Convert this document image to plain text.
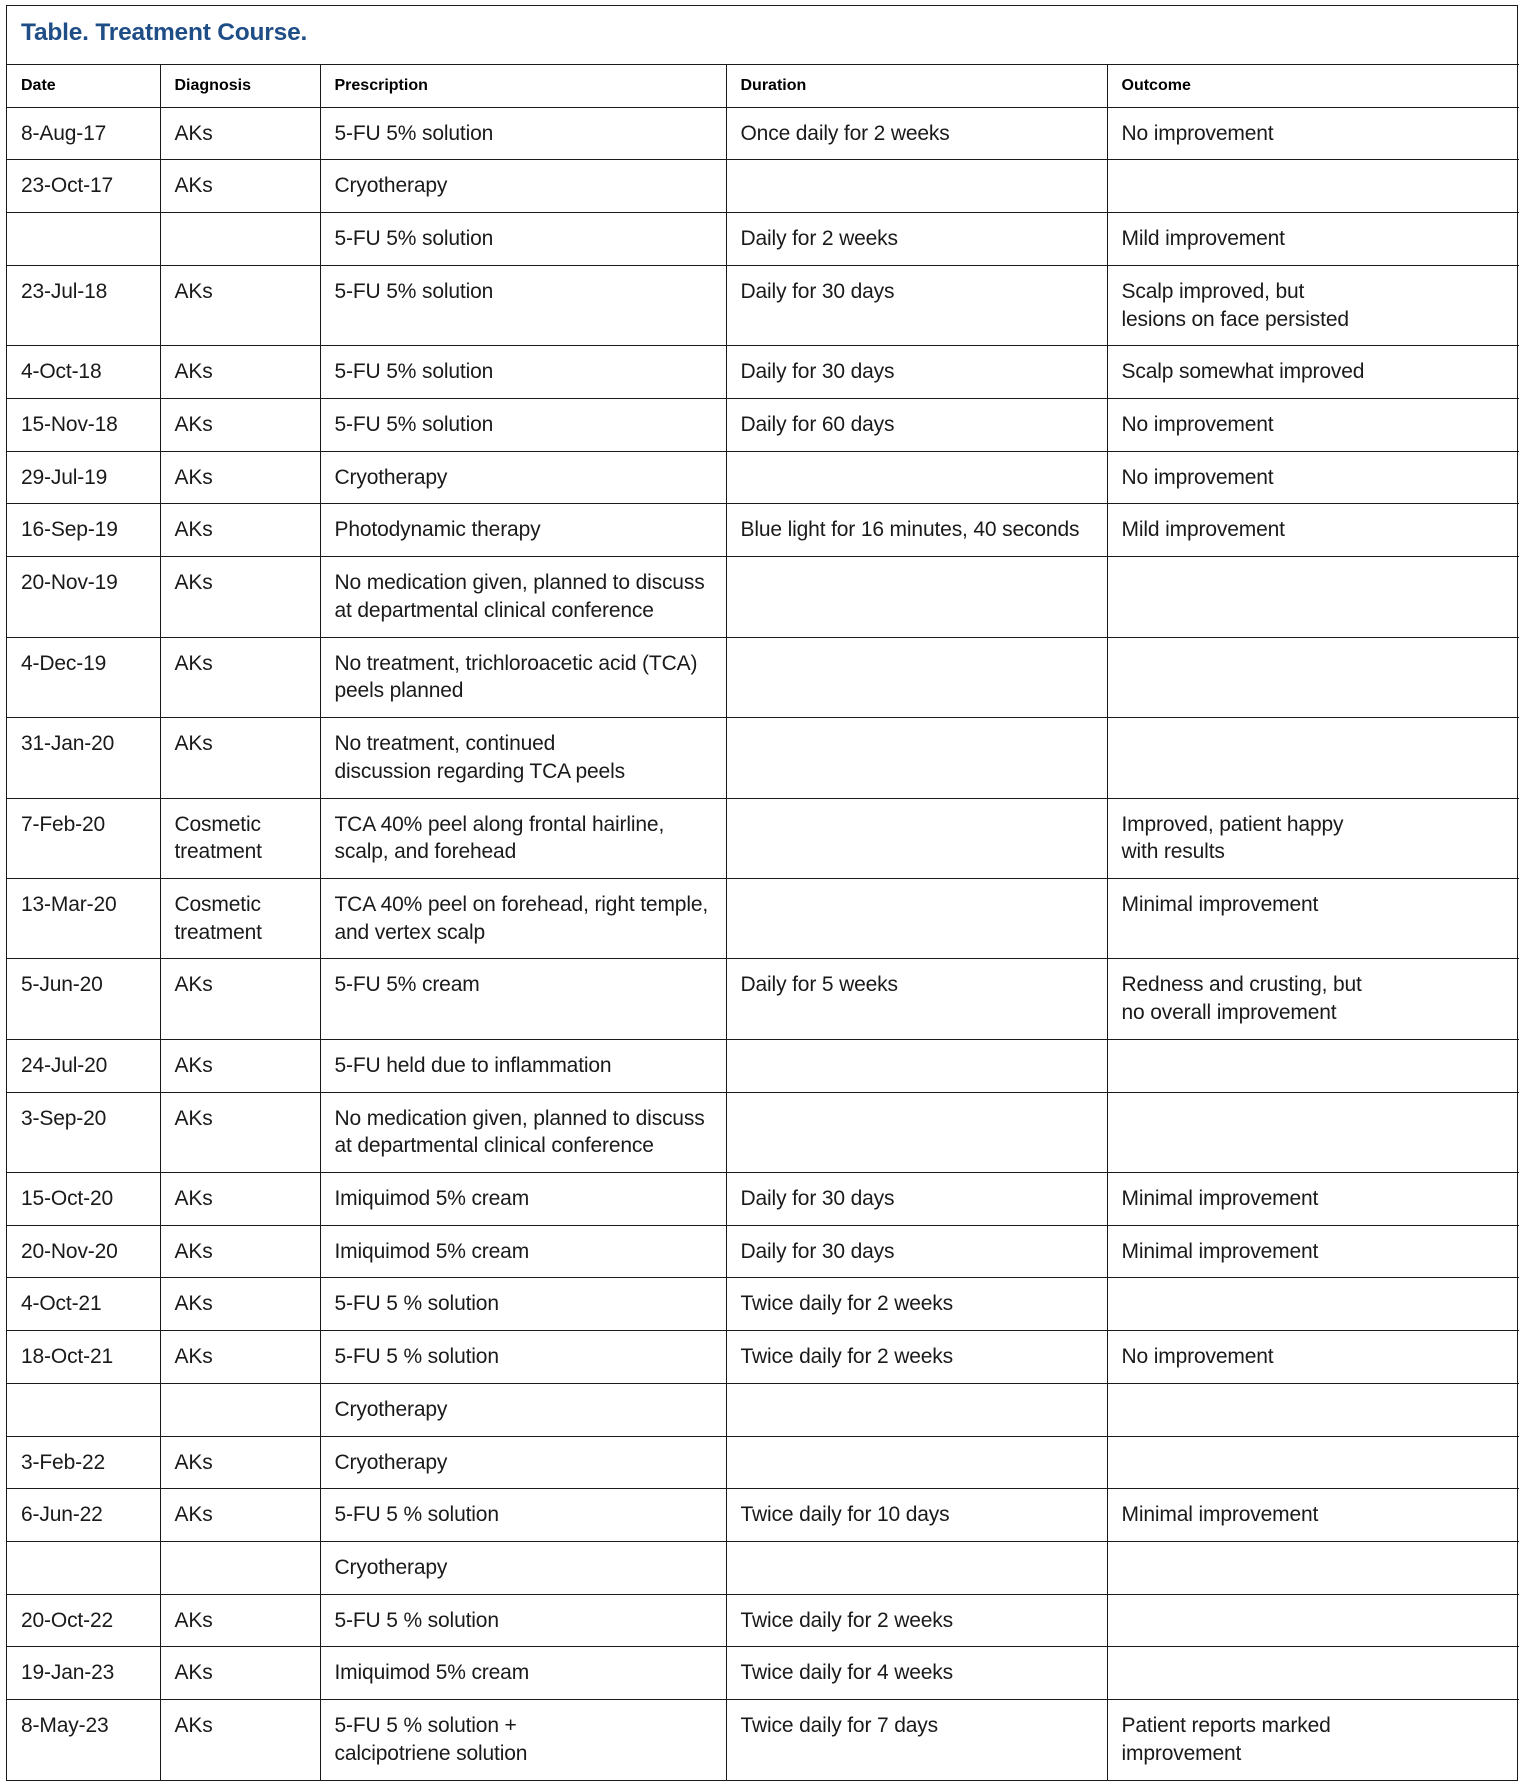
Table. Treatment Course.				
Date	Diagnosis	Prescription	Duration	Outcome

8-Aug-17	AKs	5-FU 5% solution	Once daily for 2 weeks	No improvement

23-Oct-17	AKs	Cryotherapy		

		5-FU 5% solution	Daily for 2 weeks	Mild improvement

23-Jul-18	AKs	5-FU 5% solution	Daily for 30 days	Scalp improved, but
lesions on face persisted

4-Oct-18	AKs	5-FU 5% solution	Daily for 30 days	Scalp somewhat improved

15-Nov-18	AKs	5-FU 5% solution	Daily for 60 days	No improvement

29-Jul-19	AKs	Cryotherapy		No improvement

16-Sep-19	AKs	Photodynamic therapy	Blue light for 16 minutes, 40 seconds	Mild improvement

20-Nov-19	AKs	No medication given, planned to discuss
at departmental clinical conference		

4-Dec-19	AKs	No treatment, trichloroacetic acid (TCA)
peels planned		

31-Jan-20	AKs	No treatment, continued
discussion regarding TCA peels		

7-Feb-20	Cosmetic
treatment	TCA 40% peel along frontal hairline,
scalp, and forehead		Improved, patient happy
with results

13-Mar-20	Cosmetic
treatment	TCA 40% peel on forehead, right temple,
and vertex scalp		Minimal improvement

5-Jun-20	AKs	5-FU 5% cream	Daily for 5 weeks	Redness and crusting, but
no overall improvement

24-Jul-20	AKs	5-FU held due to inflammation		

3-Sep-20	AKs	No medication given, planned to discuss
at departmental clinical conference		

15-Oct-20	AKs	Imiquimod 5% cream	Daily for 30 days	Minimal improvement

20-Nov-20	AKs	Imiquimod 5% cream	Daily for 30 days	Minimal improvement

4-Oct-21	AKs	5-FU 5 % solution	Twice daily for 2 weeks	

18-Oct-21	AKs	5-FU 5 % solution	Twice daily for 2 weeks	No improvement

		Cryotherapy		

3-Feb-22	AKs	Cryotherapy		

6-Jun-22	AKs	5-FU 5 % solution	Twice daily for 10 days	Minimal improvement

		Cryotherapy		

20-Oct-22	AKs	5-FU 5 % solution	Twice daily for 2 weeks	

19-Jan-23	AKs	Imiquimod 5% cream	Twice daily for 4 weeks	

8-May-23	AKs	5-FU 5 % solution +
calcipotriene solution	Twice daily for 7 days	Patient reports marked
improvement
